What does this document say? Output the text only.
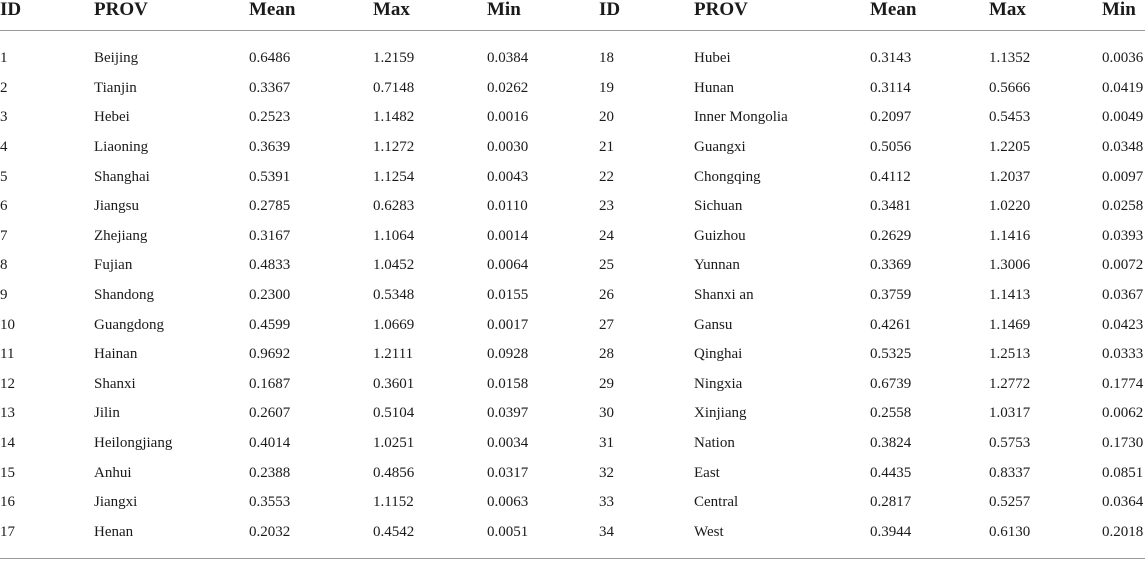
ID	PROV	Mean	Max	Min	ID	PROV	Mean	Max	Min

1	Beijing	0.6486	1.2159	0.0384	18	Hubei	0.3143	1.1352	0.0036
2	Tianjin	0.3367	0.7148	0.0262	19	Hunan	0.3114	0.5666	0.0419
3	Hebei	0.2523	1.1482	0.0016	20	Inner Mongolia	0.2097	0.5453	0.0049
4	Liaoning	0.3639	1.1272	0.0030	21	Guangxi	0.5056	1.2205	0.0348
5	Shanghai	0.5391	1.1254	0.0043	22	Chongqing	0.4112	1.2037	0.0097
6	Jiangsu	0.2785	0.6283	0.0110	23	Sichuan	0.3481	1.0220	0.0258
7	Zhejiang	0.3167	1.1064	0.0014	24	Guizhou	0.2629	1.1416	0.0393
8	Fujian	0.4833	1.0452	0.0064	25	Yunnan	0.3369	1.3006	0.0072
9	Shandong	0.2300	0.5348	0.0155	26	Shanxi an	0.3759	1.1413	0.0367
10	Guangdong	0.4599	1.0669	0.0017	27	Gansu	0.4261	1.1469	0.0423
11	Hainan	0.9692	1.2111	0.0928	28	Qinghai	0.5325	1.2513	0.0333
12	Shanxi	0.1687	0.3601	0.0158	29	Ningxia	0.6739	1.2772	0.1774
13	Jilin	0.2607	0.5104	0.0397	30	Xinjiang	0.2558	1.0317	0.0062
14	Heilongjiang	0.4014	1.0251	0.0034	31	Nation	0.3824	0.5753	0.1730
15	Anhui	0.2388	0.4856	0.0317	32	East	0.4435	0.8337	0.0851
16	Jiangxi	0.3553	1.1152	0.0063	33	Central	0.2817	0.5257	0.0364
17	Henan	0.2032	0.4542	0.0051	34	West	0.3944	0.6130	0.2018
